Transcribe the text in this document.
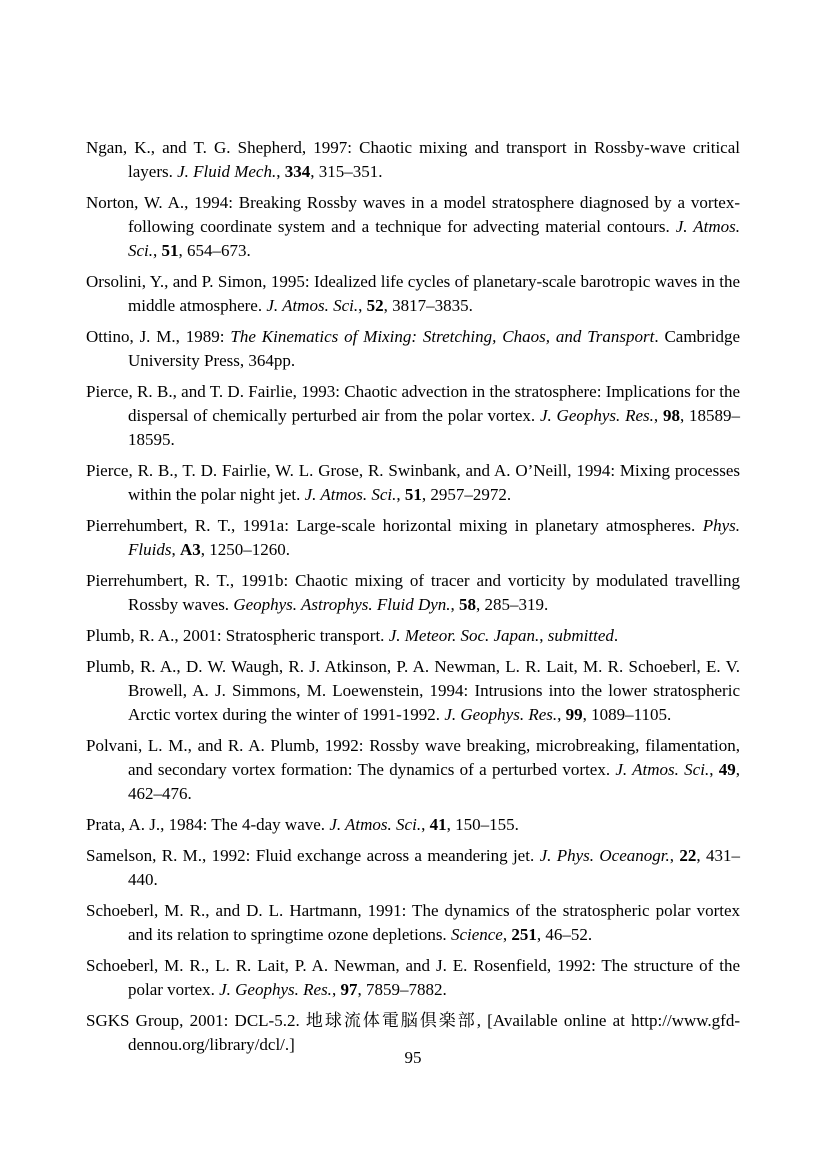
Ngan, K., and T. G. Shepherd, 1997: Chaotic mixing and transport in Rossby-wave critical layers. J. Fluid Mech., 334, 315–351.

Norton, W. A., 1994: Breaking Rossby waves in a model stratosphere diagnosed by a vortex-following coordinate system and a technique for advecting material contours. J. Atmos. Sci., 51, 654–673.

Orsolini, Y., and P. Simon, 1995: Idealized life cycles of planetary-scale barotropic waves in the middle atmosphere. J. Atmos. Sci., 52, 3817–3835.

Ottino, J. M., 1989: The Kinematics of Mixing: Stretching, Chaos, and Transport. Cambridge University Press, 364pp.

Pierce, R. B., and T. D. Fairlie, 1993: Chaotic advection in the stratosphere: Implications for the dispersal of chemically perturbed air from the polar vortex. J. Geophys. Res., 98, 18589–18595.

Pierce, R. B., T. D. Fairlie, W. L. Grose, R. Swinbank, and A. O’Neill, 1994: Mixing processes within the polar night jet. J. Atmos. Sci., 51, 2957–2972.

Pierrehumbert, R. T., 1991a: Large-scale horizontal mixing in planetary atmospheres. Phys. Fluids, A3, 1250–1260.

Pierrehumbert, R. T., 1991b: Chaotic mixing of tracer and vorticity by modulated travelling Rossby waves. Geophys. Astrophys. Fluid Dyn., 58, 285–319.

Plumb, R. A., 2001: Stratospheric transport. J. Meteor. Soc. Japan., submitted.

Plumb, R. A., D. W. Waugh, R. J. Atkinson, P. A. Newman, L. R. Lait, M. R. Schoeberl, E. V. Browell, A. J. Simmons, M. Loewenstein, 1994: Intrusions into the lower stratospheric Arctic vortex during the winter of 1991-1992. J. Geophys. Res., 99, 1089–1105.

Polvani, L. M., and R. A. Plumb, 1992: Rossby wave breaking, microbreaking, filamentation, and secondary vortex formation: The dynamics of a perturbed vortex. J. Atmos. Sci., 49, 462–476.

Prata, A. J., 1984: The 4-day wave. J. Atmos. Sci., 41, 150–155.

Samelson, R. M., 1992: Fluid exchange across a meandering jet. J. Phys. Oceanogr., 22, 431–440.

Schoeberl, M. R., and D. L. Hartmann, 1991: The dynamics of the stratospheric polar vortex and its relation to springtime ozone depletions. Science, 251, 46–52.

Schoeberl, M. R., L. R. Lait, P. A. Newman, and J. E. Rosenfield, 1992: The structure of the polar vortex. J. Geophys. Res., 97, 7859–7882.

SGKS Group, 2001: DCL-5.2. 地球流体電脳倶楽部, [Available online at http://www.gfd-dennou.org/library/dcl/.]

95
